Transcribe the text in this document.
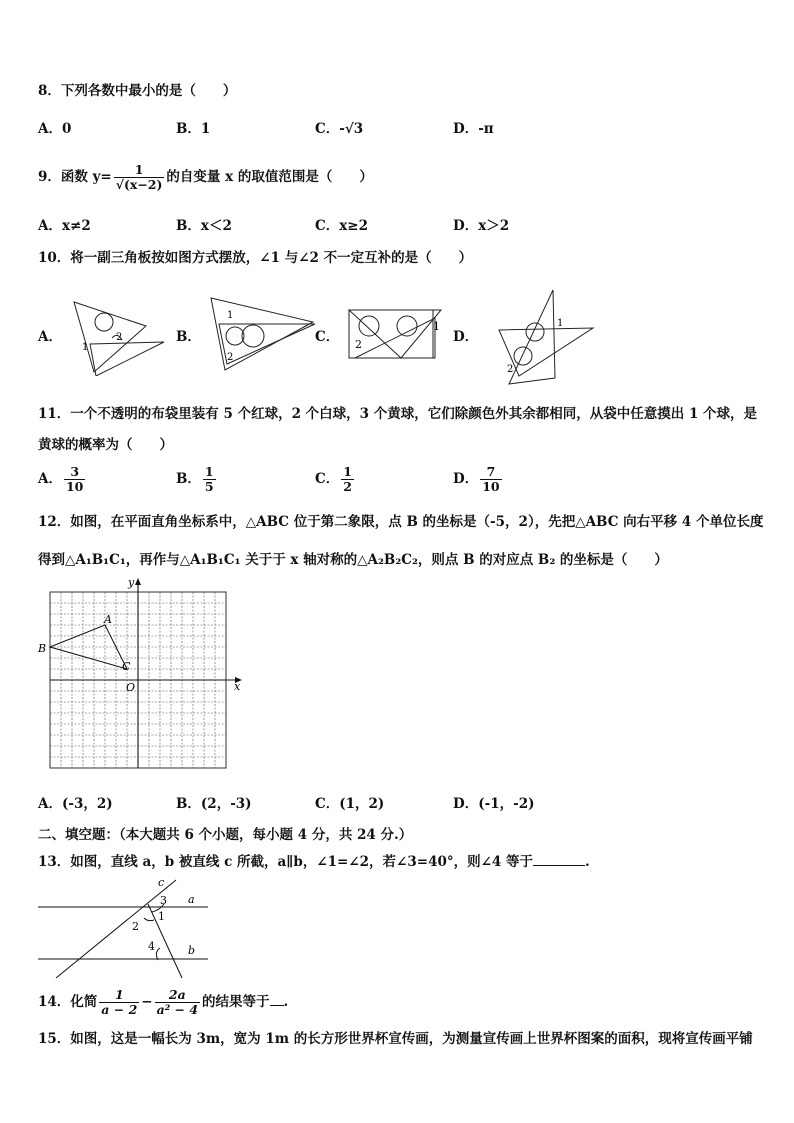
8．下列各数中最小的是（　　）
A．0	B．1	C．-√3	D．-π
9．函数 $y= \frac{1}{√(x-2)}$ 的自变量 x 的取值范围是（　　）
A．x≠2	B．x＜2	C．x≥2	D．x＞2
10．将一副三角板按如图方式摆放，∠1 与∠2 不一定互补的是（　　）
A．	B．	C．	D．
1
2
1
2
1
2
1
2
11．一个不透明的布袋里装有 5 个红球，2 个白球，3 个黄球，它们除颜色外其余都相同，从袋中任意摸出 1 个球，是
黄球的概率为（　　）
A． $\frac{3}{10}$	B． $\frac{1}{5}$	C． $\frac{1}{2}$	D． $\frac{7}{10}$
12．如图，在平面直角坐标系中，△ABC 位于第二象限，点 B 的坐标是（-5，2），先把△ABC 向右平移 4 个单位长度
得到△A₁B₁C₁，再作与△A₁B₁C₁ 关于于 x 轴对称的△A₂B₂C₂，则点 B 的对应点 B₂ 的坐标是（　　）
y
x
A
B
C
O
A．(-3，2)	B．(2，-3)	C．(1，2)	D．(-1，-2)
二、填空题：（本大题共 6 个小题，每小题 4 分，共 24 分.）
13．如图，直线 a，b 被直线 c 所截，a∥b，∠1=∠2，若∠3=40°，则∠4 等于	.
c
a
b
1
2
3
4
14．化简 $\frac{1}{a - 2} - \frac{2a}{\text{a² − 4}}$ 的结果等于 .
15．如图，这是一幅长为 3m，宽为 1m 的长方形世界杯宣传画，为测量宣传画上世界杯图案的面积，现将宣传画平铺
